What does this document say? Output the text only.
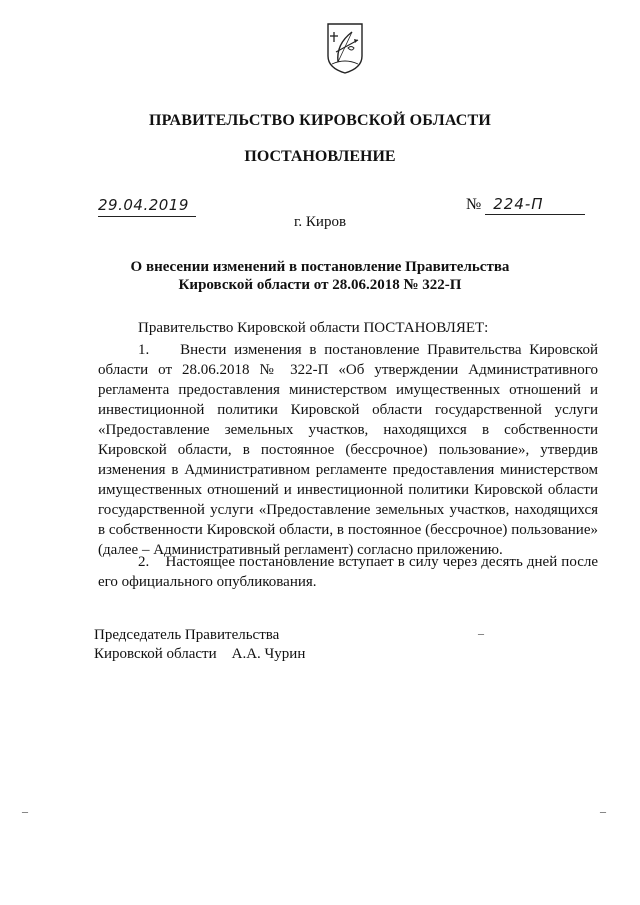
ПРАВИТЕЛЬСТВО КИРОВСКОЙ ОБЛАСТИ
ПОСТАНОВЛЕНИЕ
29.04.2019	№ 224-П
г. Киров
О внесении изменений в постановление Правительства
Кировской области от 28.06.2018 № 322-П
Правительство Кировской области ПОСТАНОВЛЯЕТ:
1.    Внести изменения в постановление Правительства Кировской области от 28.06.2018 № 322-П «Об утверждении Административного регламента предоставления министерством имущественных отношений и инвестиционной политики Кировской области государственной услуги «Предоставление земельных участков, находящихся в собственности Кировской области, в постоянное (бессрочное) пользование», утвердив изменения в Административном регламенте предоставления министерством имущественных отношений и инвестиционной политики Кировской области государственной услуги «Предоставление земельных участков, находящихся в собственности Кировской области, в постоянное (бессрочное) пользование» (далее – Административный регламент) согласно приложению.
2.    Настоящее постановление вступает в силу через десять дней после его официального опубликования.
Председатель Правительства
Кировской области    А.А. Чурин
–
–	–
